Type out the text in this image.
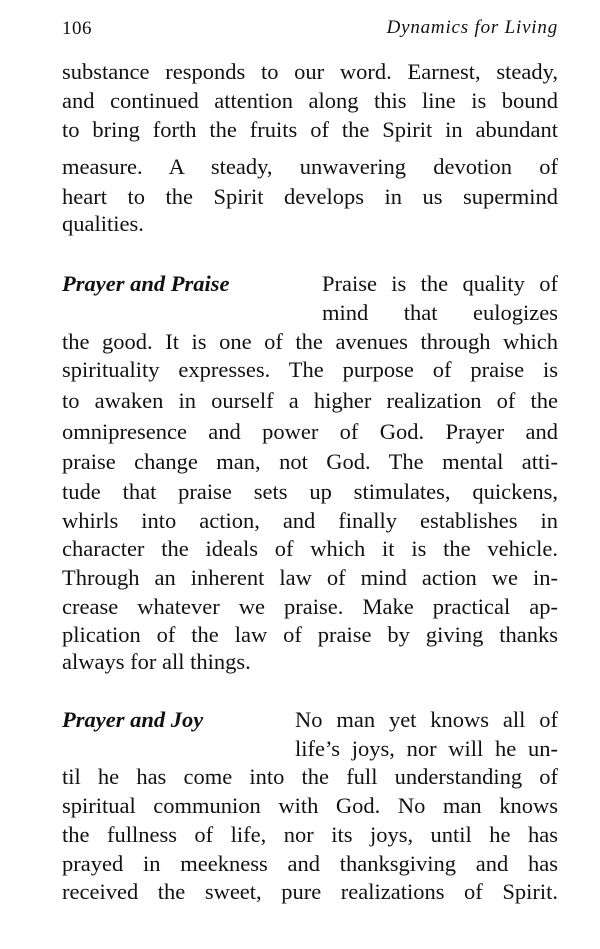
106	Dynamics for Living
substance responds to our word. Earnest, steady,
and continued attention along this line is bound
to bring forth the fruits of the Spirit in abundant
measure. A steady, unwavering devotion of
heart to the Spirit develops in us supermind
qualities.
Prayer and Praise	Praise is the quality of
mind that eulogizes
the good. It is one of the avenues through which
spirituality expresses. The purpose of praise is
to awaken in ourself a higher realization of the
omnipresence and power of God. Prayer and
praise change man, not God. The mental atti-
tude that praise sets up stimulates, quickens,
whirls into action, and finally establishes in
character the ideals of which it is the vehicle.
Through an inherent law of mind action we in-
crease whatever we praise. Make practical ap-
plication of the law of praise by giving thanks
always for all things.
Prayer and Joy	No man yet knows all of
life’s joys, nor will he un-
til he has come into the full understanding of
spiritual communion with God. No man knows
the fullness of life, nor its joys, until he has
prayed in meekness and thanksgiving and has
received the sweet, pure realizations of Spirit.
